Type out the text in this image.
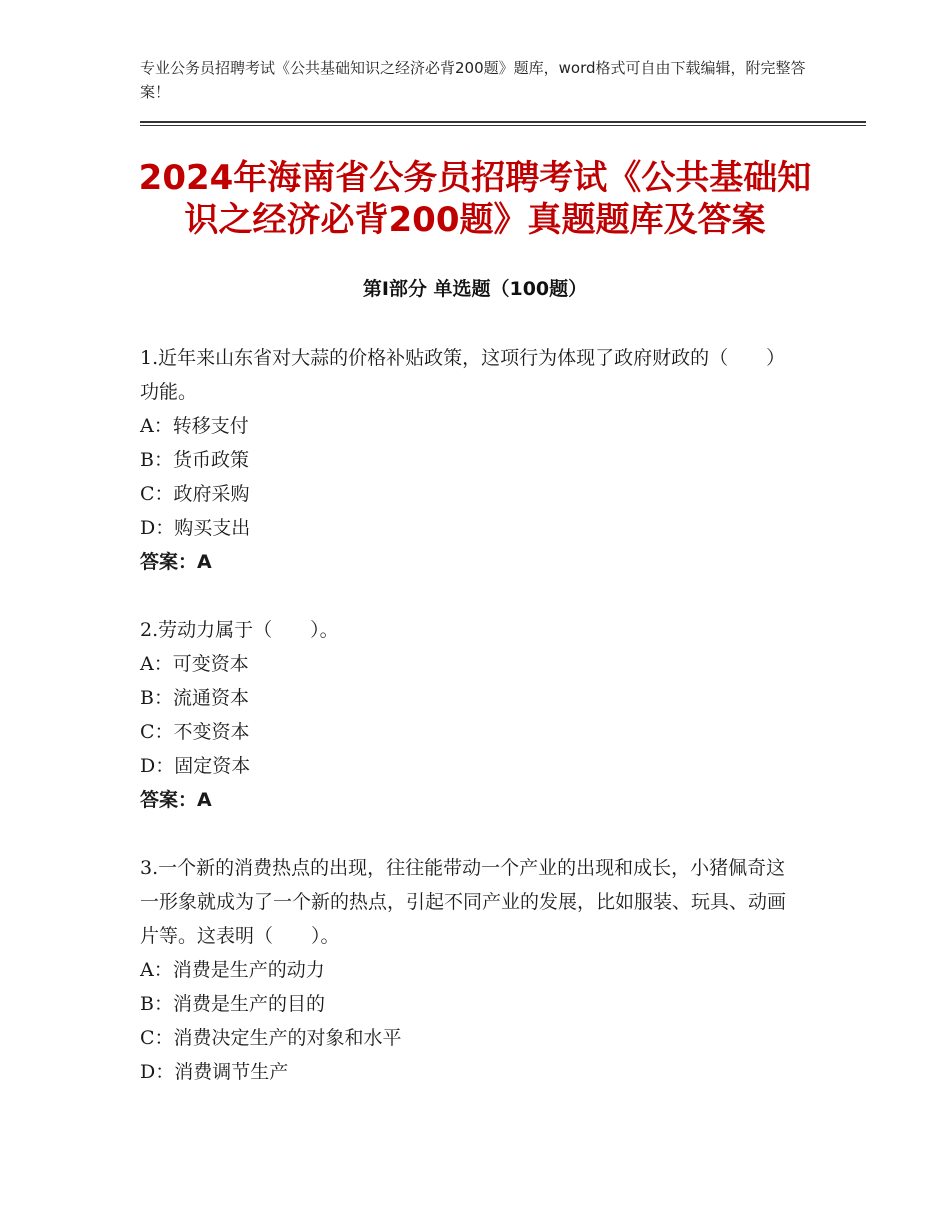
专业公务员招聘考试《公共基础知识之经济必背200题》题库，word格式可自由下载编辑，附完整答案！
2024年海南省公务员招聘考试《公共基础知识之经济必背200题》真题题库及答案
第Ⅰ部分 单选题（100题）

1.近年来山东省对大蒜的价格补贴政策，这项行为体现了政府财政的（　　）功能。

A：转移支付

B：货币政策

C：政府采购

D：购买支出

答案：A

2.劳动力属于（　　）。

A：可变资本

B：流通资本

C：不变资本

D：固定资本

答案：A

3.一个新的消费热点的出现，往往能带动一个产业的出现和成长，小猪佩奇这一形象就成为了一个新的热点，引起不同产业的发展，比如服装、玩具、动画片等。这表明（　　）。

A：消费是生产的动力

B：消费是生产的目的

C：消费决定生产的对象和水平

D：消费调节生产
